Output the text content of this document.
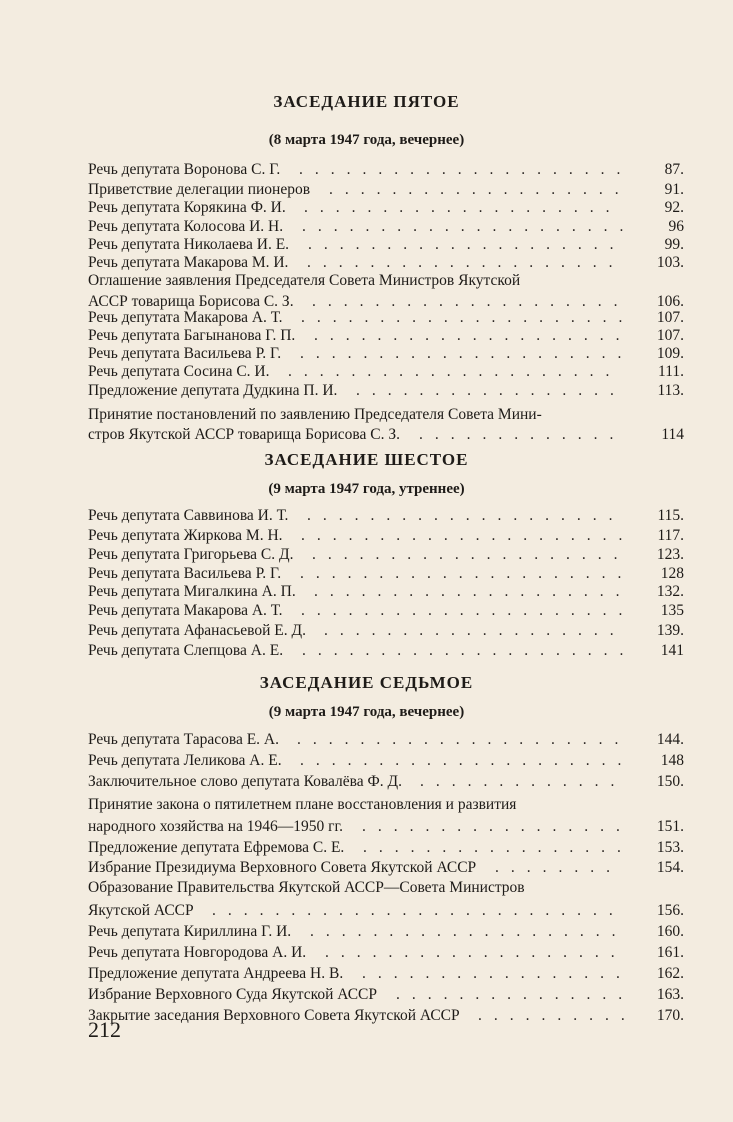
ЗАСЕДАНИЕ ПЯТОЕ
(8 марта 1947 года, вечернее)
Речь депутата Воронова С. Г. ..................... 87.
Приветствие делегации пионеров ................... 91.
Речь депутата Корякина Ф. И. ....................	92.
Речь депутата Колосова И. Н. ..................... 96
Речь депутата Николаева И. Е. ....................	99.
Речь депутата Макарова М. И. .................... 103.
Оглашение заявления Председателя Совета Министров Якутской
АССР товарища Борисова С. З. .................... 106.
Речь депутата Макарова А. Т. ..................... 107.
Речь депутата Багынанова Г. П. .................... 107.
Речь депутата Васильева Р. Г. ..................... 109.
Речь депутата Сосина С. И. ..................... 111.
Предложение депутата Дудкина П. И. ................. 113.
Принятие постановлений по заявлению Председателя Совета Мини-
стров Якутской АССР товарища Борисова С. З. ............. 114
ЗАСЕДАНИЕ ШЕСТОЕ
(9 марта 1947 года, утреннее)
Речь депутата Саввинова И. Т. .................... 115.
Речь депутата Жиркова М. Н. ..................... 117.
Речь депутата Григорьева С. Д. .................... 123.
Речь депутата Васильева Р. Г. ..................... 128
Речь депутата Мигалкина А. П. .................... 132.
Речь депутата Макарова А. Т. ..................... 135
Речь депутата Афанасьевой Е. Д. ................... 139.
Речь депутата Слепцова А. Е. ..................... 141
ЗАСЕДАНИЕ СЕДЬМОЕ
(9 марта 1947 года, вечернее)
Речь депутата Тарасова Е. А. ..................... 144.
Речь депутата Леликова А. Е. ..................... 148
Заключительное слово депутата Ковалёва Ф. Д. ............. 150.
Принятие закона о пятилетнем плане восстановления и развития
народного хозяйства на 1946—1950 гг. ................. 151.
Предложение депутата Ефремова С. Е. ................. 153.
Избрание Президиума Верховного Совета Якутской АССР ........ 154.
Образование Правительства Якутской АССР—Совета Министров
Якутской АССР .......................... 156.
Речь депутата Кириллина Г. И. .................... 160.
Речь депутата Новгородова А. И. ................... 161.
Предложение депутата Андреева Н. В. ................. 162.
Избрание Верховного Суда Якутской АССР ............... 163.
Закрытие заседания Верховного Совета Якутской АССР .......... 170.
212
